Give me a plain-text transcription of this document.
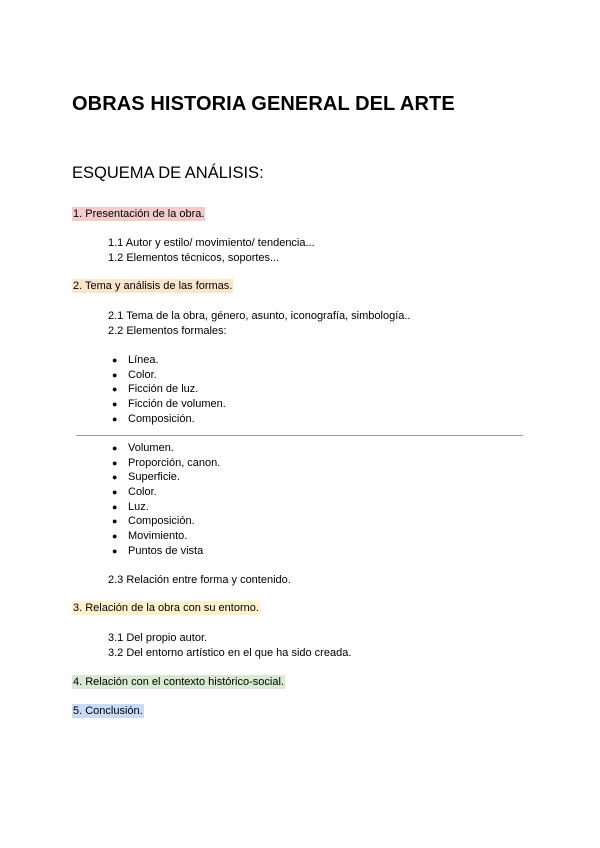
OBRAS HISTORIA GENERAL DEL ARTE
ESQUEMA DE ANÁLISIS:
1. Presentación de la obra.
1.1 Autor y estilo/ movimiento/ tendencia...
1.2 Elementos técnicos, soportes...
2. Tema y análisis de las formas.
2.1 Tema de la obra, género, asunto, iconografía, simbología..
2.2 Elementos formales:
● Línea.
● Color.
● Ficción de luz.
● Ficción de volumen.
● Composición.
● Volumen.
● Proporción, canon.
● Superficie.
● Color.
● Luz.
● Composición.
● Movimiento.
● Puntos de vista
2.3 Relación entre forma y contenido.
3. Relación de la obra con su entorno.
3.1 Del propio autor.
3.2 Del entorno artístico en el que ha sido creada.
4. Relación con el contexto histórico-social.
5. Conclusión.
